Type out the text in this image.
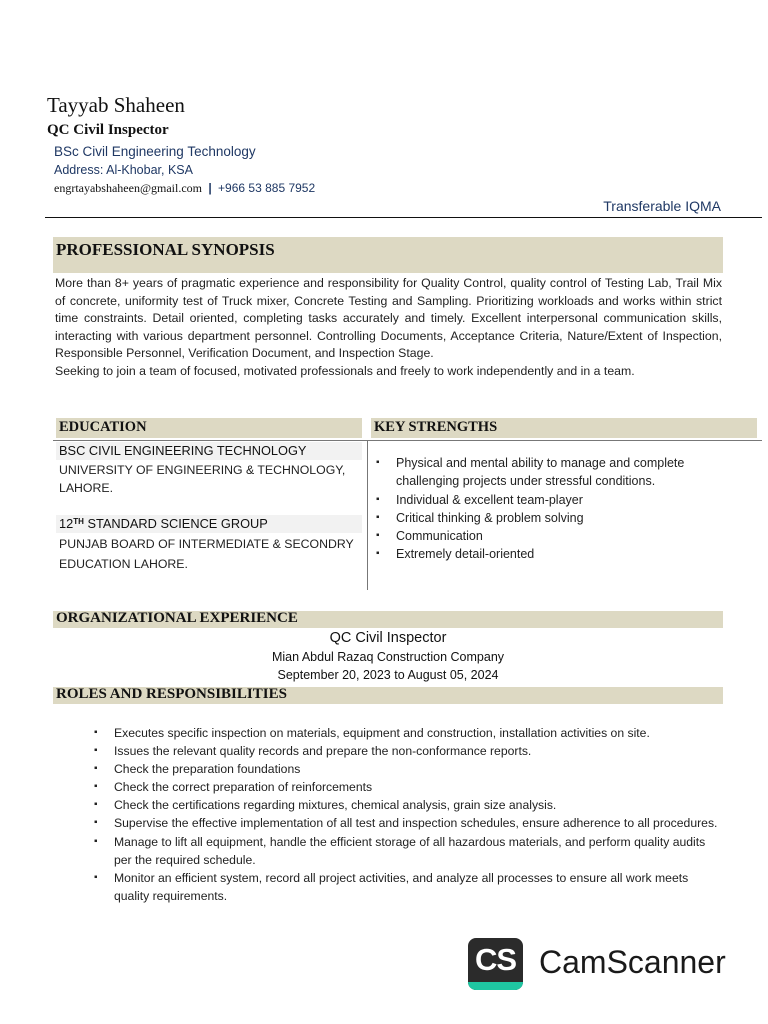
Tayyab Shaheen
QC Civil Inspector
BSc Civil Engineering Technology
Address: Al-Khobar, KSA
engrtayabshaheen@gmail.com | +966 53 885 7952
Transferable IQMA
PROFESSIONAL SYNOPSIS

More than 8+ years of pragmatic experience and responsibility for Quality Control, quality control of Testing Lab, Trail Mix of concrete, uniformity test of Truck mixer, Concrete Testing and Sampling. Prioritizing workloads and works within strict time constraints. Detail oriented, completing tasks accurately and timely. Excellent interpersonal communication skills, interacting with various department personnel. Controlling Documents, Acceptance Criteria, Nature/Extent of Inspection, Responsible Personnel, Verification Document, and Inspection Stage.

Seeking to join a team of focused, motivated professionals and freely to work independently and in a team.

EDUCATION	KEY STRENGTHS
BSC CIVIL ENGINEERING TECHNOLOGY
UNIVERSITY OF ENGINEERING & TECHNOLOGY, LAHORE.
12TH STANDARD SCIENCE GROUP
PUNJAB BOARD OF INTERMEDIATE & SECONDRY EDUCATION LAHORE.
▪ Physical and mental ability to manage and complete challenging projects under stressful conditions.
▪ Individual & excellent team-player
▪ Critical thinking & problem solving
▪ Communication
▪ Extremely detail-oriented
ORGANIZATIONAL EXPERIENCE
QC Civil Inspector
Mian Abdul Razaq Construction Company
September 20, 2023 to August 05, 2024
ROLES AND RESPONSIBILITIES
▪ Executes specific inspection on materials, equipment and construction, installation activities on site.
▪ Issues the relevant quality records and prepare the non-conformance reports.
▪ Check the preparation foundations
▪ Check the correct preparation of reinforcements
▪ Check the certifications regarding mixtures, chemical analysis, grain size analysis.
▪ Supervise the effective implementation of all test and inspection schedules, ensure adherence to all procedures.
▪ Manage to lift all equipment, handle the efficient storage of all hazardous materials, and perform quality audits per the required schedule.
▪ Monitor an efficient system, record all project activities, and analyze all processes to ensure all work meets quality requirements.
CS CamScanner
